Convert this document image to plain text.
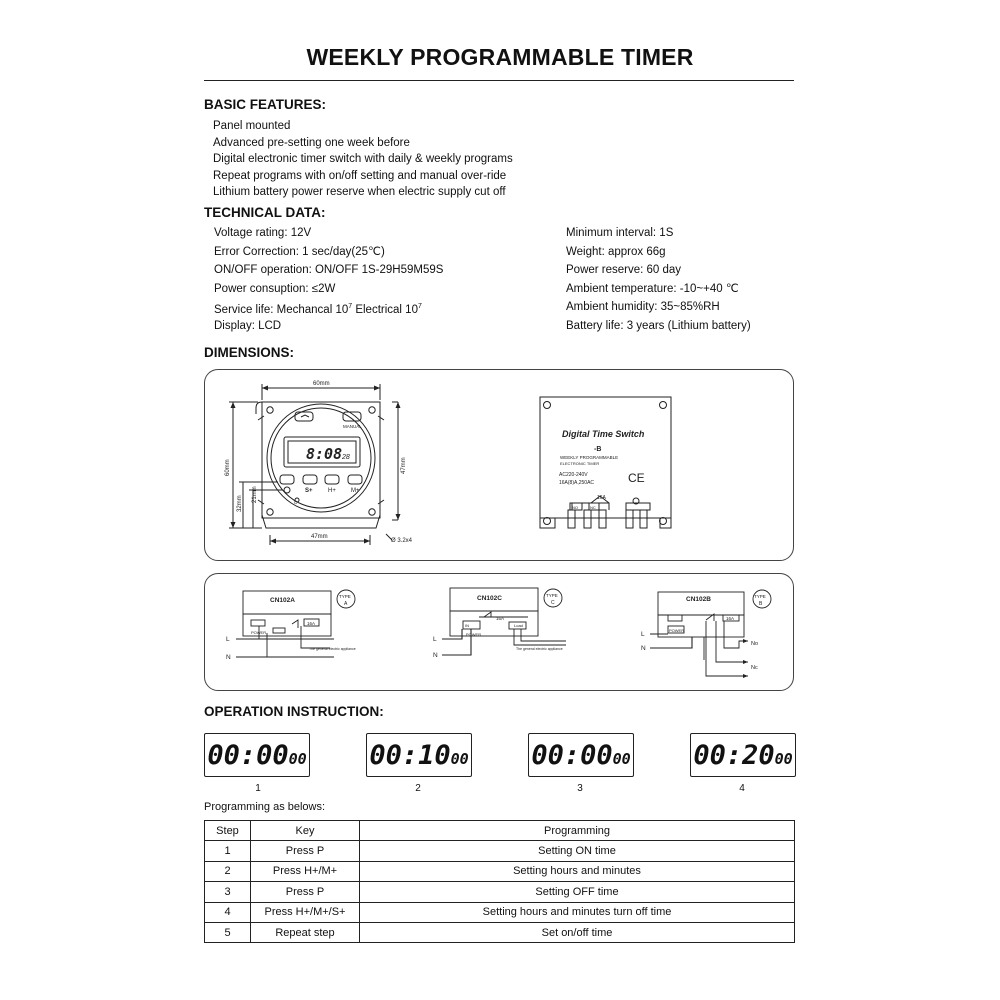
WEEKLY PROGRAMMABLE TIMER
BASIC FEATURES:
Panel mounted
Advanced pre-setting one week before
Digital electronic timer switch with daily & weekly programs
Repeat programs with on/off setting and manual over-ride
Lithium battery power reserve when electric supply cut off
TECHNICAL DATA:
Voltage rating: 12V
Error Correction: 1 sec/day(25℃)
ON/OFF operation: ON/OFF 1S-29H59M59S
Power consuption: ≤2W
Service life: Mechancal $10^7$ Electrical $10^7$
Display: LCD
Minimum interval: 1S
Weight: approx 66g
Power reserve: 60 day
Ambient temperature: -10~+40 ℃
Ambient humidity: 35~85%RH
Battery life: 3 years (Lithium battery)
DIMENSIONS:
60mm
60mm	47mm
32mm
21mm
47mm
Ø 3.2x4
MANUAL
8:08 28
S+	H+	M+
C
Digital Time Switch
-B
WEEKLY PROGRAMMABLE
ELECTRONIC TIMER
AC220-240V
16A(8)A,250AC	CE
16A
NO	NC
CN102A
TYPE
A
16A
POWER
L
N
The general electric appliance
CN102C	TYPE
C
16A
IN
POWER
Load
L
N
The general electric appliance
CN102B	TYPE
B
16A
POWER
L
N
No
Nc
OPERATION INSTRUCTION:
00:0000 00:1000 00:0000 00:2000
1	2	3	4
Programming as belows:
Step	Key	Programming
1	Press P	Setting ON time
2	Press H+/M+	Setting hours and minutes
3	Press P	Setting OFF time
4	Press H+/M+/S+	Setting hours and minutes turn off time
5	Repeat step	Set on/off time
